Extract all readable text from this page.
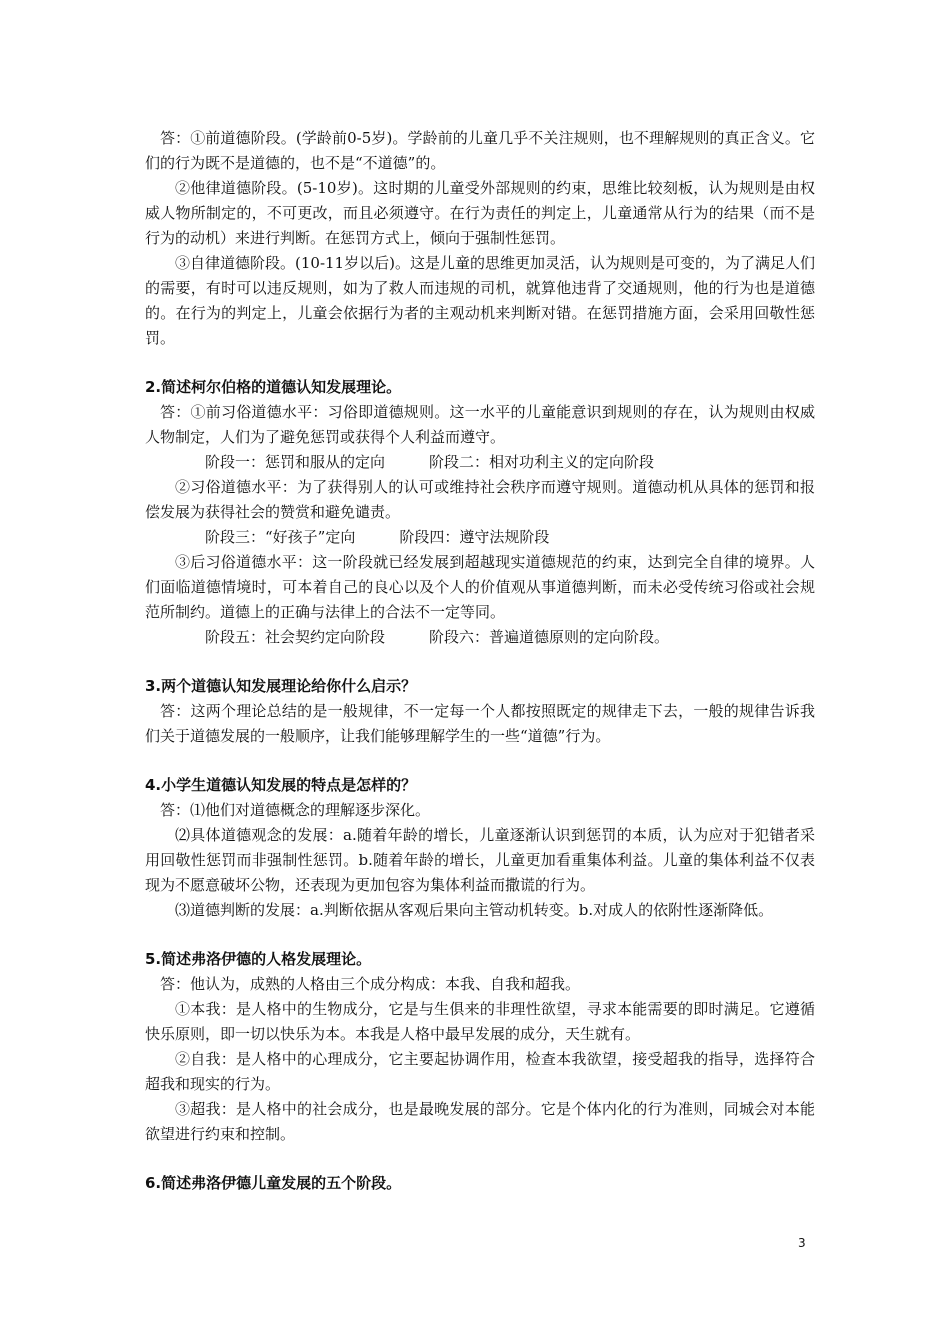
答：①前道德阶段。(学龄前0-5岁)。学龄前的儿童几乎不关注规则，也不理解规则的真正含义。它们的行为既不是道德的，也不是“不道德”的。

②他律道德阶段。(5-10岁)。这时期的儿童受外部规则的约束，思维比较刻板，认为规则是由权威人物所制定的，不可更改，而且必须遵守。在行为责任的判定上，儿童通常从行为的结果（而不是行为的动机）来进行判断。在惩罚方式上，倾向于强制性惩罚。

③自律道德阶段。(10-11岁以后)。这是儿童的思维更加灵活，认为规则是可变的，为了满足人们的需要，有时可以违反规则，如为了救人而违规的司机，就算他违背了交通规则，他的行为也是道德的。在行为的判定上，儿童会依据行为者的主观动机来判断对错。在惩罚措施方面，会采用回敬性惩罚。

2.简述柯尔伯格的道德认知发展理论。

答：①前习俗道德水平：习俗即道德规则。这一水平的儿童能意识到规则的存在，认为规则由权威人物制定，人们为了避免惩罚或获得个人利益而遵守。

阶段一：惩罚和服从的定向	阶段二：相对功利主义的定向阶段

②习俗道德水平：为了获得别人的认可或维持社会秩序而遵守规则。道德动机从具体的惩罚和报偿发展为获得社会的赞赏和避免谴责。

阶段三：“好孩子”定向	阶段四：遵守法规阶段

③后习俗道德水平：这一阶段就已经发展到超越现实道德规范的约束，达到完全自律的境界。人们面临道德情境时，可本着自己的良心以及个人的价值观从事道德判断，而未必受传统习俗或社会规范所制约。道德上的正确与法律上的合法不一定等同。

阶段五：社会契约定向阶段	阶段六：普遍道德原则的定向阶段。

3.两个道德认知发展理论给你什么启示？

答：这两个理论总结的是一般规律，不一定每一个人都按照既定的规律走下去，一般的规律告诉我们关于道德发展的一般顺序，让我们能够理解学生的一些“道德”行为。

4.小学生道德认知发展的特点是怎样的？

答：⑴他们对道德概念的理解逐步深化。

⑵具体道德观念的发展：a.随着年龄的增长，儿童逐渐认识到惩罚的本质，认为应对于犯错者采用回敬性惩罚而非强制性惩罚。b.随着年龄的增长，儿童更加看重集体利益。儿童的集体利益不仅表现为不愿意破坏公物，还表现为更加包容为集体利益而撒谎的行为。

⑶道德判断的发展：a.判断依据从客观后果向主管动机转变。b.对成人的依附性逐渐降低。

5.简述弗洛伊德的人格发展理论。

答：他认为，成熟的人格由三个成分构成：本我、自我和超我。

①本我：是人格中的生物成分，它是与生俱来的非理性欲望，寻求本能需要的即时满足。它遵循快乐原则，即一切以快乐为本。本我是人格中最早发展的成分，天生就有。

②自我：是人格中的心理成分，它主要起协调作用，检查本我欲望，接受超我的指导，选择符合超我和现实的行为。

③超我：是人格中的社会成分，也是最晚发展的部分。它是个体内化的行为准则，同城会对本能欲望进行约束和控制。

6.简述弗洛伊德儿童发展的五个阶段。

3
